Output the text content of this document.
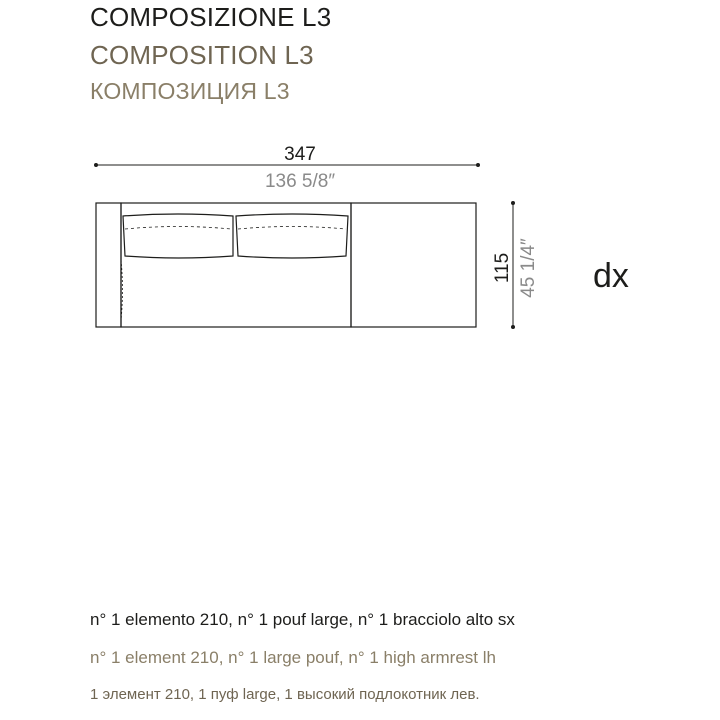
COMPOSIZIONE L3
COMPOSITION L3
КОМПОЗИЦИЯ L3
347
136 5/8″
115 45 1/4″ dx

n° 1 elemento 210, n° 1 pouf large, n° 1 bracciolo alto sx

n° 1 element 210, n° 1 large pouf, n° 1 high armrest lh

1 элемент 210, 1 пуф large, 1 высокий подлокотник лев.
